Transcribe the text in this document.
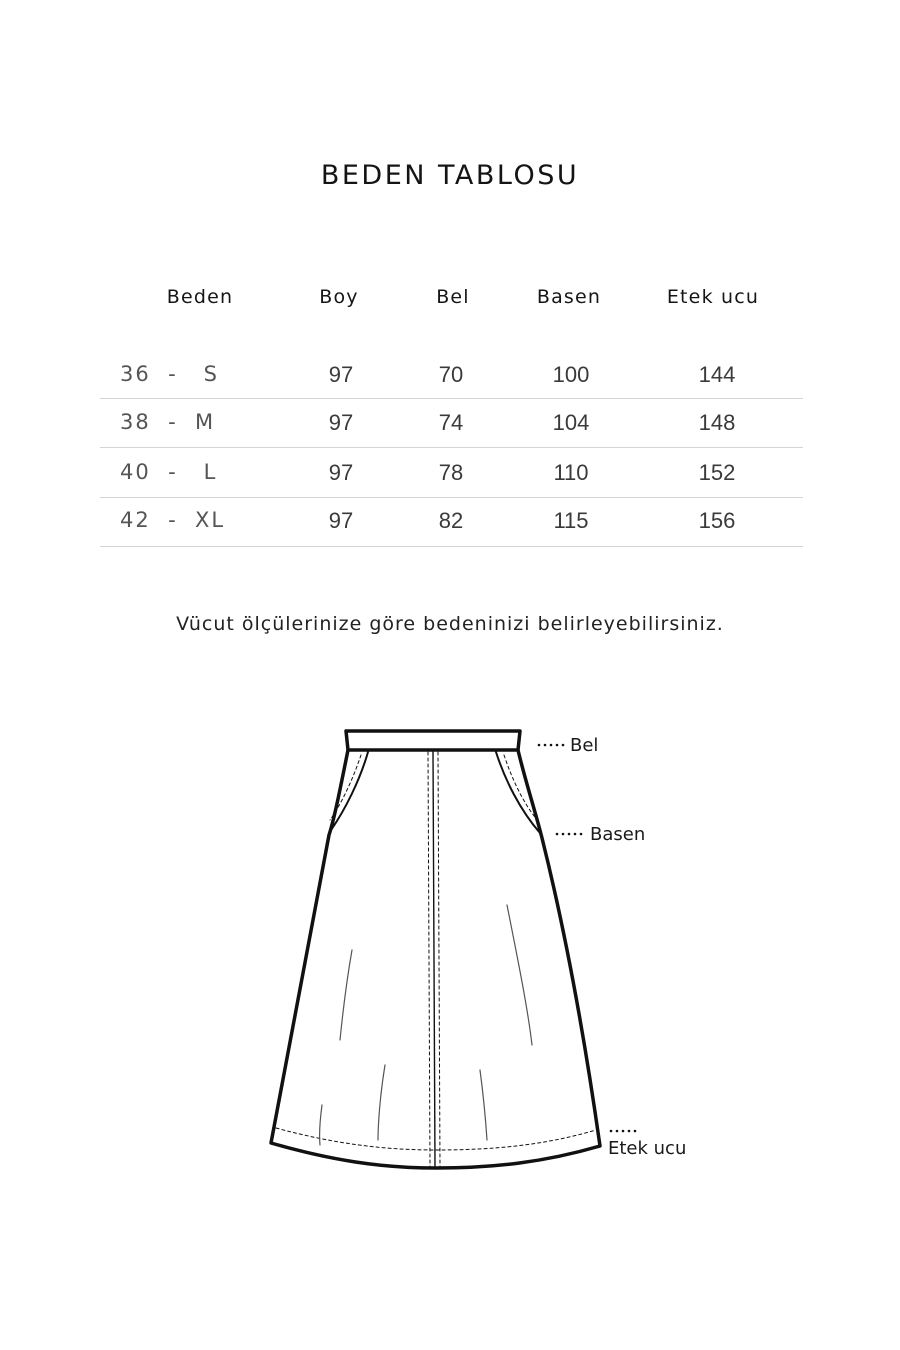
BEDEN TABLOSU
Beden	Boy	Bel	Basen	Etek ucu
36  -   S	97	70	100	144
38  -  M	97	74	104	148
40  -   L	97	78	110	152
42  -  XL	97	82	115	156
Vücut ölçülerinize göre bedeninizi belirleyebilirsiniz.
Bel
Basen
Etek ucu
